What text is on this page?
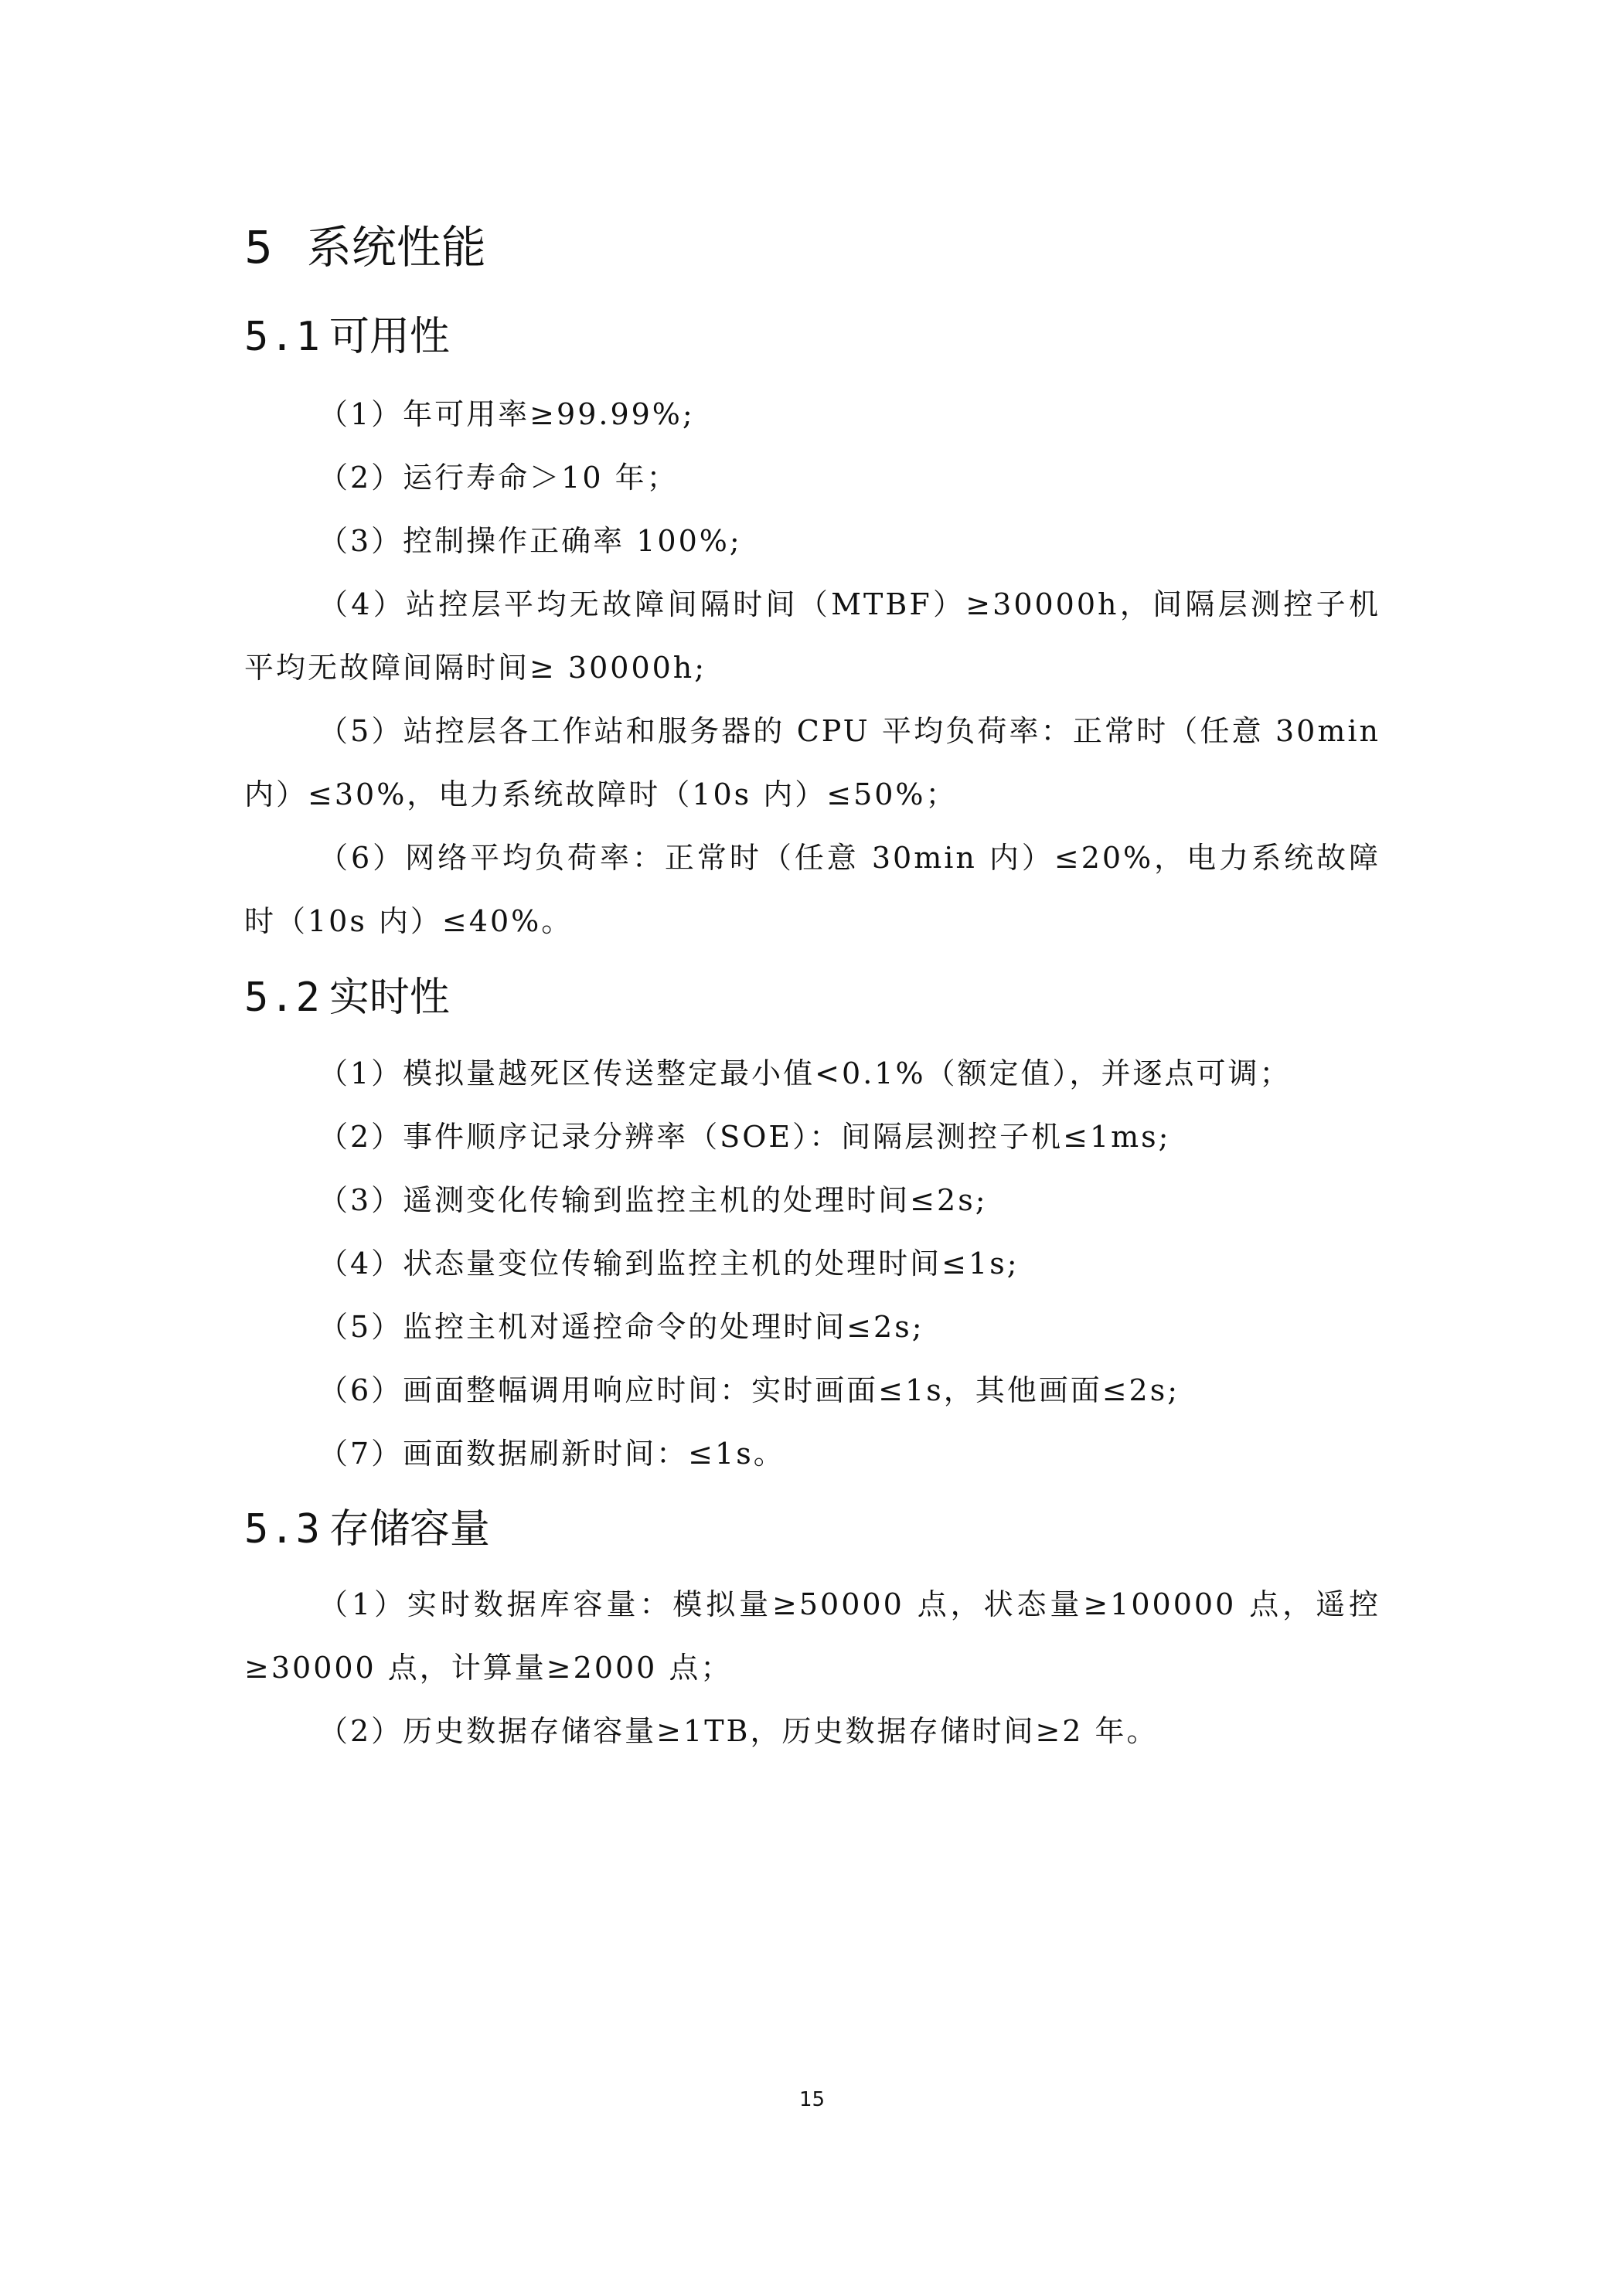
5 系统性能
5.1 可用性

（1）年可用率≥99.99%;

（2）运行寿命＞10 年；

（3）控制操作正确率 100%;

（4）站控层平均无故障间隔时间（MTBF）≥30000h，间隔层测控子机平均无故障间隔时间≥ 30000h;

（5）站控层各工作站和服务器的 CPU 平均负荷率：正常时（任意 30min 内）≤30%，电力系统故障时（10s 内）≤50%；

（6）网络平均负荷率：正常时（任意 30min 内）≤20%，电力系统故障时（10s 内）≤40%。

5.2 实时性

（1）模拟量越死区传送整定最小值<0.1%（额定值），并逐点可调；

（2）事件顺序记录分辨率（SOE）：间隔层测控子机≤1ms;

（3）遥测变化传输到监控主机的处理时间≤2s;

（4）状态量变位传输到监控主机的处理时间≤1s;

（5）监控主机对遥控命令的处理时间≤2s;

（6）画面整幅调用响应时间：实时画面≤1s，其他画面≤2s;

（7）画面数据刷新时间：≤1s。

5.3 存储容量

（1）实时数据库容量：模拟量≥50000 点，状态量≥100000 点，遥控≥30000 点，计算量≥2000 点；

（2）历史数据存储容量≥1TB，历史数据存储时间≥2 年。

15
